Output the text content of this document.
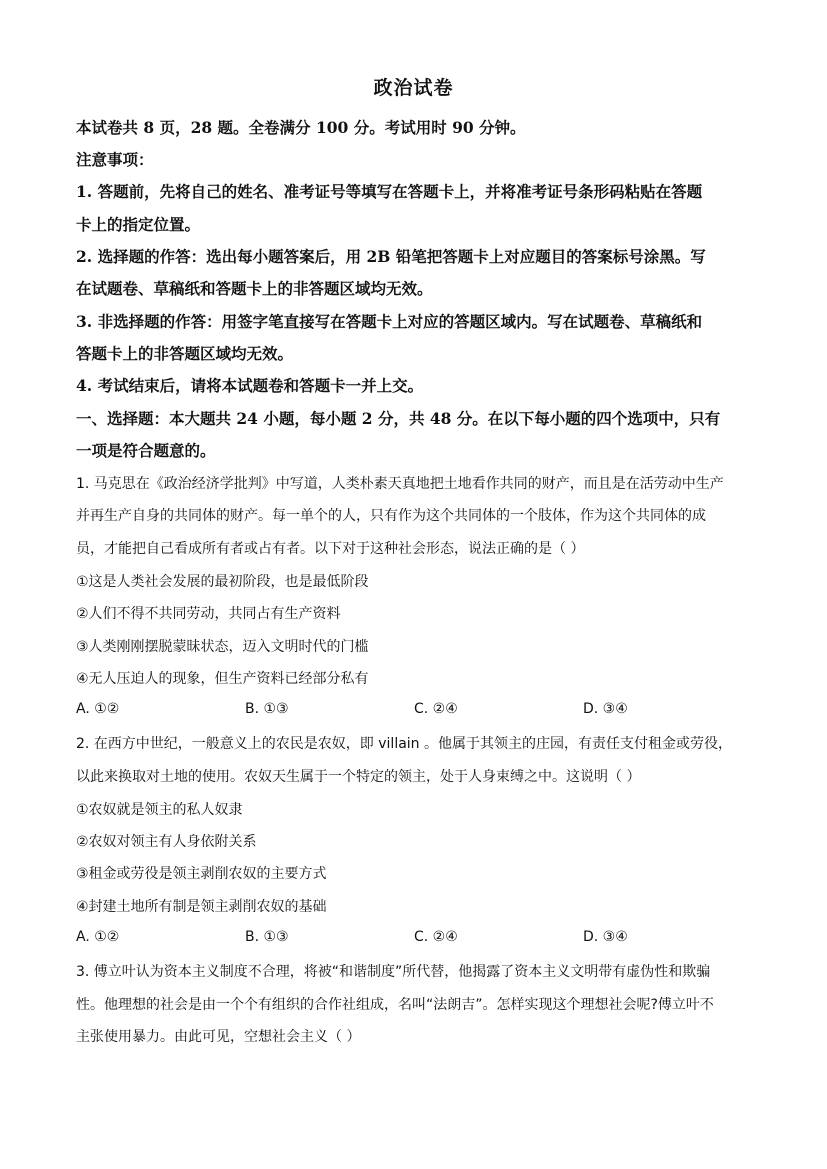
政治试卷
本试卷共 8 页，28 题。全卷满分 100 分。考试用时 90 分钟。
注意事项：
1. 答题前，先将自己的姓名、准考证号等填写在答题卡上，并将准考证号条形码粘贴在答题
卡上的指定位置。
2. 选择题的作答：选出每小题答案后，用 2B 铅笔把答题卡上对应题目的答案标号涂黑。写
在试题卷、草稿纸和答题卡上的非答题区域均无效。
3. 非选择题的作答：用签字笔直接写在答题卡上对应的答题区域内。写在试题卷、草稿纸和
答题卡上的非答题区域均无效。
4. 考试结束后，请将本试题卷和答题卡一并上交。
一、选择题：本大题共 24 小题，每小题 2 分，共 48 分。在以下每小题的四个选项中，只有
一项是符合题意的。
1. 马克思在《政治经济学批判》中写道，人类朴素天真地把土地看作共同的财产，而且是在活劳动中生产
并再生产自身的共同体的财产。每一单个的人，只有作为这个共同体的一个肢体，作为这个共同体的成
员，才能把自己看成所有者或占有者。以下对于这种社会形态，说法正确的是（ ）
①这是人类社会发展的最初阶段，也是最低阶段
②人们不得不共同劳动，共同占有生产资料
③人类刚刚摆脱蒙昧状态，迈入文明时代的门槛
④无人压迫人的现象，但生产资料已经部分私有
A. ①②	B. ①③	C. ②④	D. ③④
2. 在西方中世纪，一般意义上的农民是农奴，即 villain 。他属于其领主的庄园，有责任支付租金或劳役，
以此来换取对土地的使用。农奴天生属于一个特定的领主，处于人身束缚之中。这说明（ ）
①农奴就是领主的私人奴隶
②农奴对领主有人身依附关系
③租金或劳役是领主剥削农奴的主要方式
④封建土地所有制是领主剥削农奴的基础
A. ①②	B. ①③	C. ②④	D. ③④
3. 傅立叶认为资本主义制度不合理，将被“和谐制度”所代替，他揭露了资本主义文明带有虚伪性和欺骗
性。他理想的社会是由一个个有组织的合作社组成，名叫“法朗吉”。怎样实现这个理想社会呢?傅立叶不
主张使用暴力。由此可见，空想社会主义（ ）
